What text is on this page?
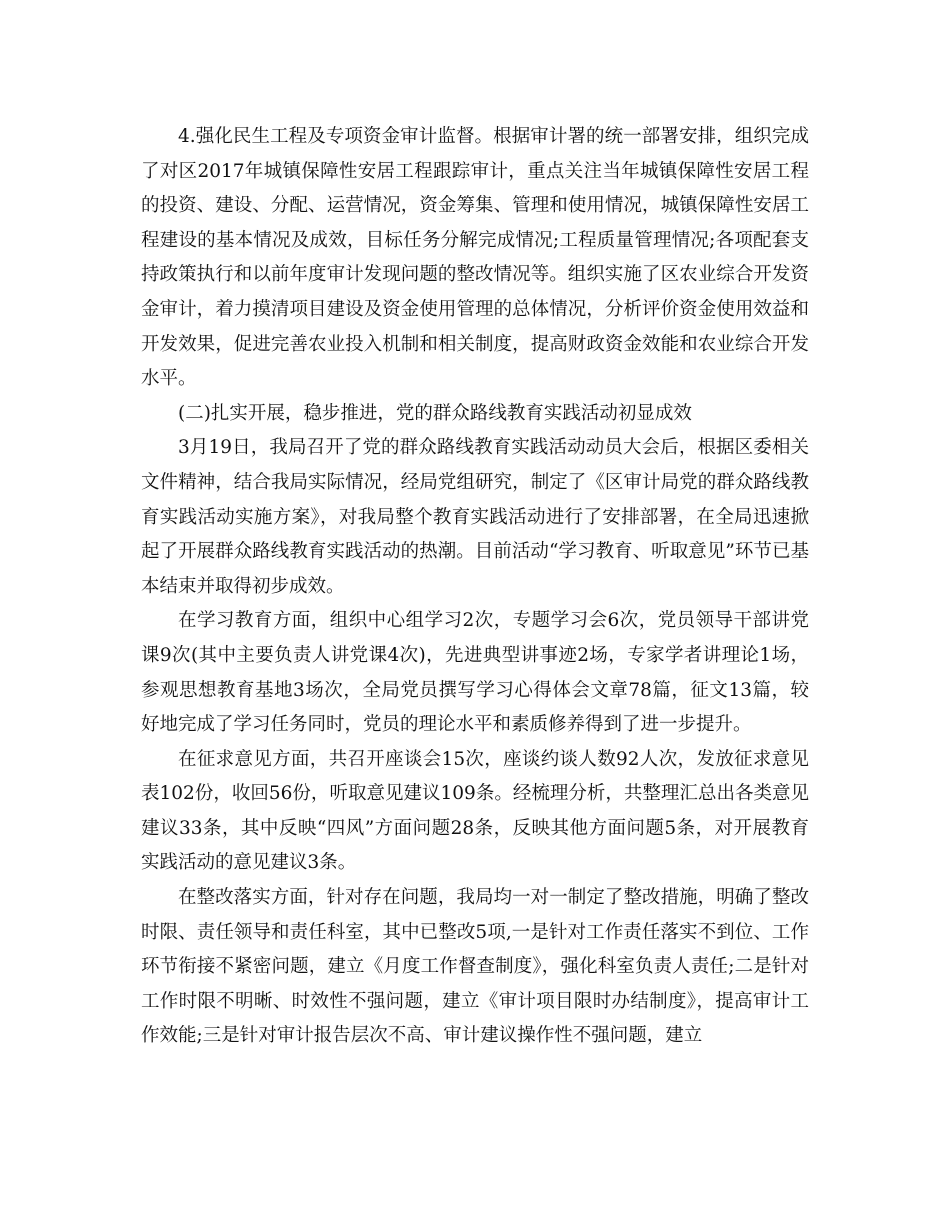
4.强化民生工程及专项资金审计监督。根据审计署的统一部署安排，组织完成了对区2017年城镇保障性安居工程跟踪审计，重点关注当年城镇保障性安居工程的投资、建设、分配、运营情况，资金筹集、管理和使用情况，城镇保障性安居工程建设的基本情况及成效，目标任务分解完成情况;工程质量管理情况;各项配套支持政策执行和以前年度审计发现问题的整改情况等。组织实施了区农业综合开发资金审计，着力摸清项目建设及资金使用管理的总体情况，分析评价资金使用效益和开发效果，促进完善农业投入机制和相关制度，提高财政资金效能和农业综合开发水平。

(二)扎实开展，稳步推进，党的群众路线教育实践活动初显成效

3月19日，我局召开了党的群众路线教育实践活动动员大会后，根据区委相关文件精神，结合我局实际情况，经局党组研究，制定了《区审计局党的群众路线教育实践活动实施方案》，对我局整个教育实践活动进行了安排部署，在全局迅速掀起了开展群众路线教育实践活动的热潮。目前活动“学习教育、听取意见”环节已基本结束并取得初步成效。

在学习教育方面，组织中心组学习2次，专题学习会6次，党员领导干部讲党课9次(其中主要负责人讲党课4次)，先进典型讲事迹2场，专家学者讲理论1场，参观思想教育基地3场次，全局党员撰写学习心得体会文章78篇，征文13篇，较好地完成了学习任务同时，党员的理论水平和素质修养得到了进一步提升。

在征求意见方面，共召开座谈会15次，座谈约谈人数92人次，发放征求意见表102份，收回56份，听取意见建议109条。经梳理分析，共整理汇总出各类意见建议33条，其中反映“四风”方面问题28条，反映其他方面问题5条，对开展教育实践活动的意见建议3条。

在整改落实方面，针对存在问题，我局均一对一制定了整改措施，明确了整改时限、责任领导和责任科室，其中已整改5项,一是针对工作责任落实不到位、工作环节衔接不紧密问题，建立《月度工作督查制度》，强化科室负责人责任;二是针对工作时限不明晰、时效性不强问题，建立《审计项目限时办结制度》，提高审计工作效能;三是针对审计报告层次不高、审计建议操作性不强问题，建立
